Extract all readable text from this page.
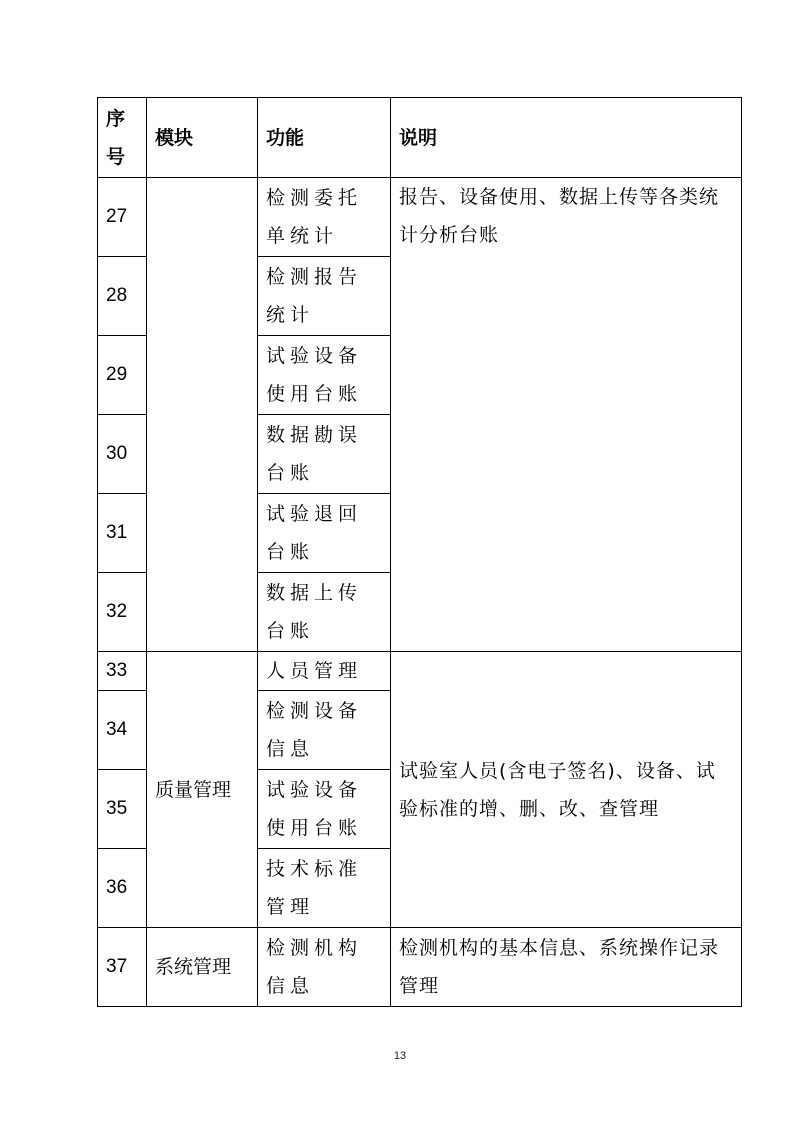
序号	模块	功能	说明
27		检测委托单统计	报告、设备使用、数据上传等各类统计分析台账
28		检测报告统计	
29		试验设备使用台账	
30		数据勘误台账	
31		试验退回台账	
32		数据上传台账	
33	质量管理	人员管理	试验室人员(含电子签名)、设备、试验标准的增、删、改、查管理
34		检测设备信息	
35		试验设备使用台账	
36		技术标准管理	
37	系统管理	检测机构信息	检测机构的基本信息、系统操作记录管理
13
